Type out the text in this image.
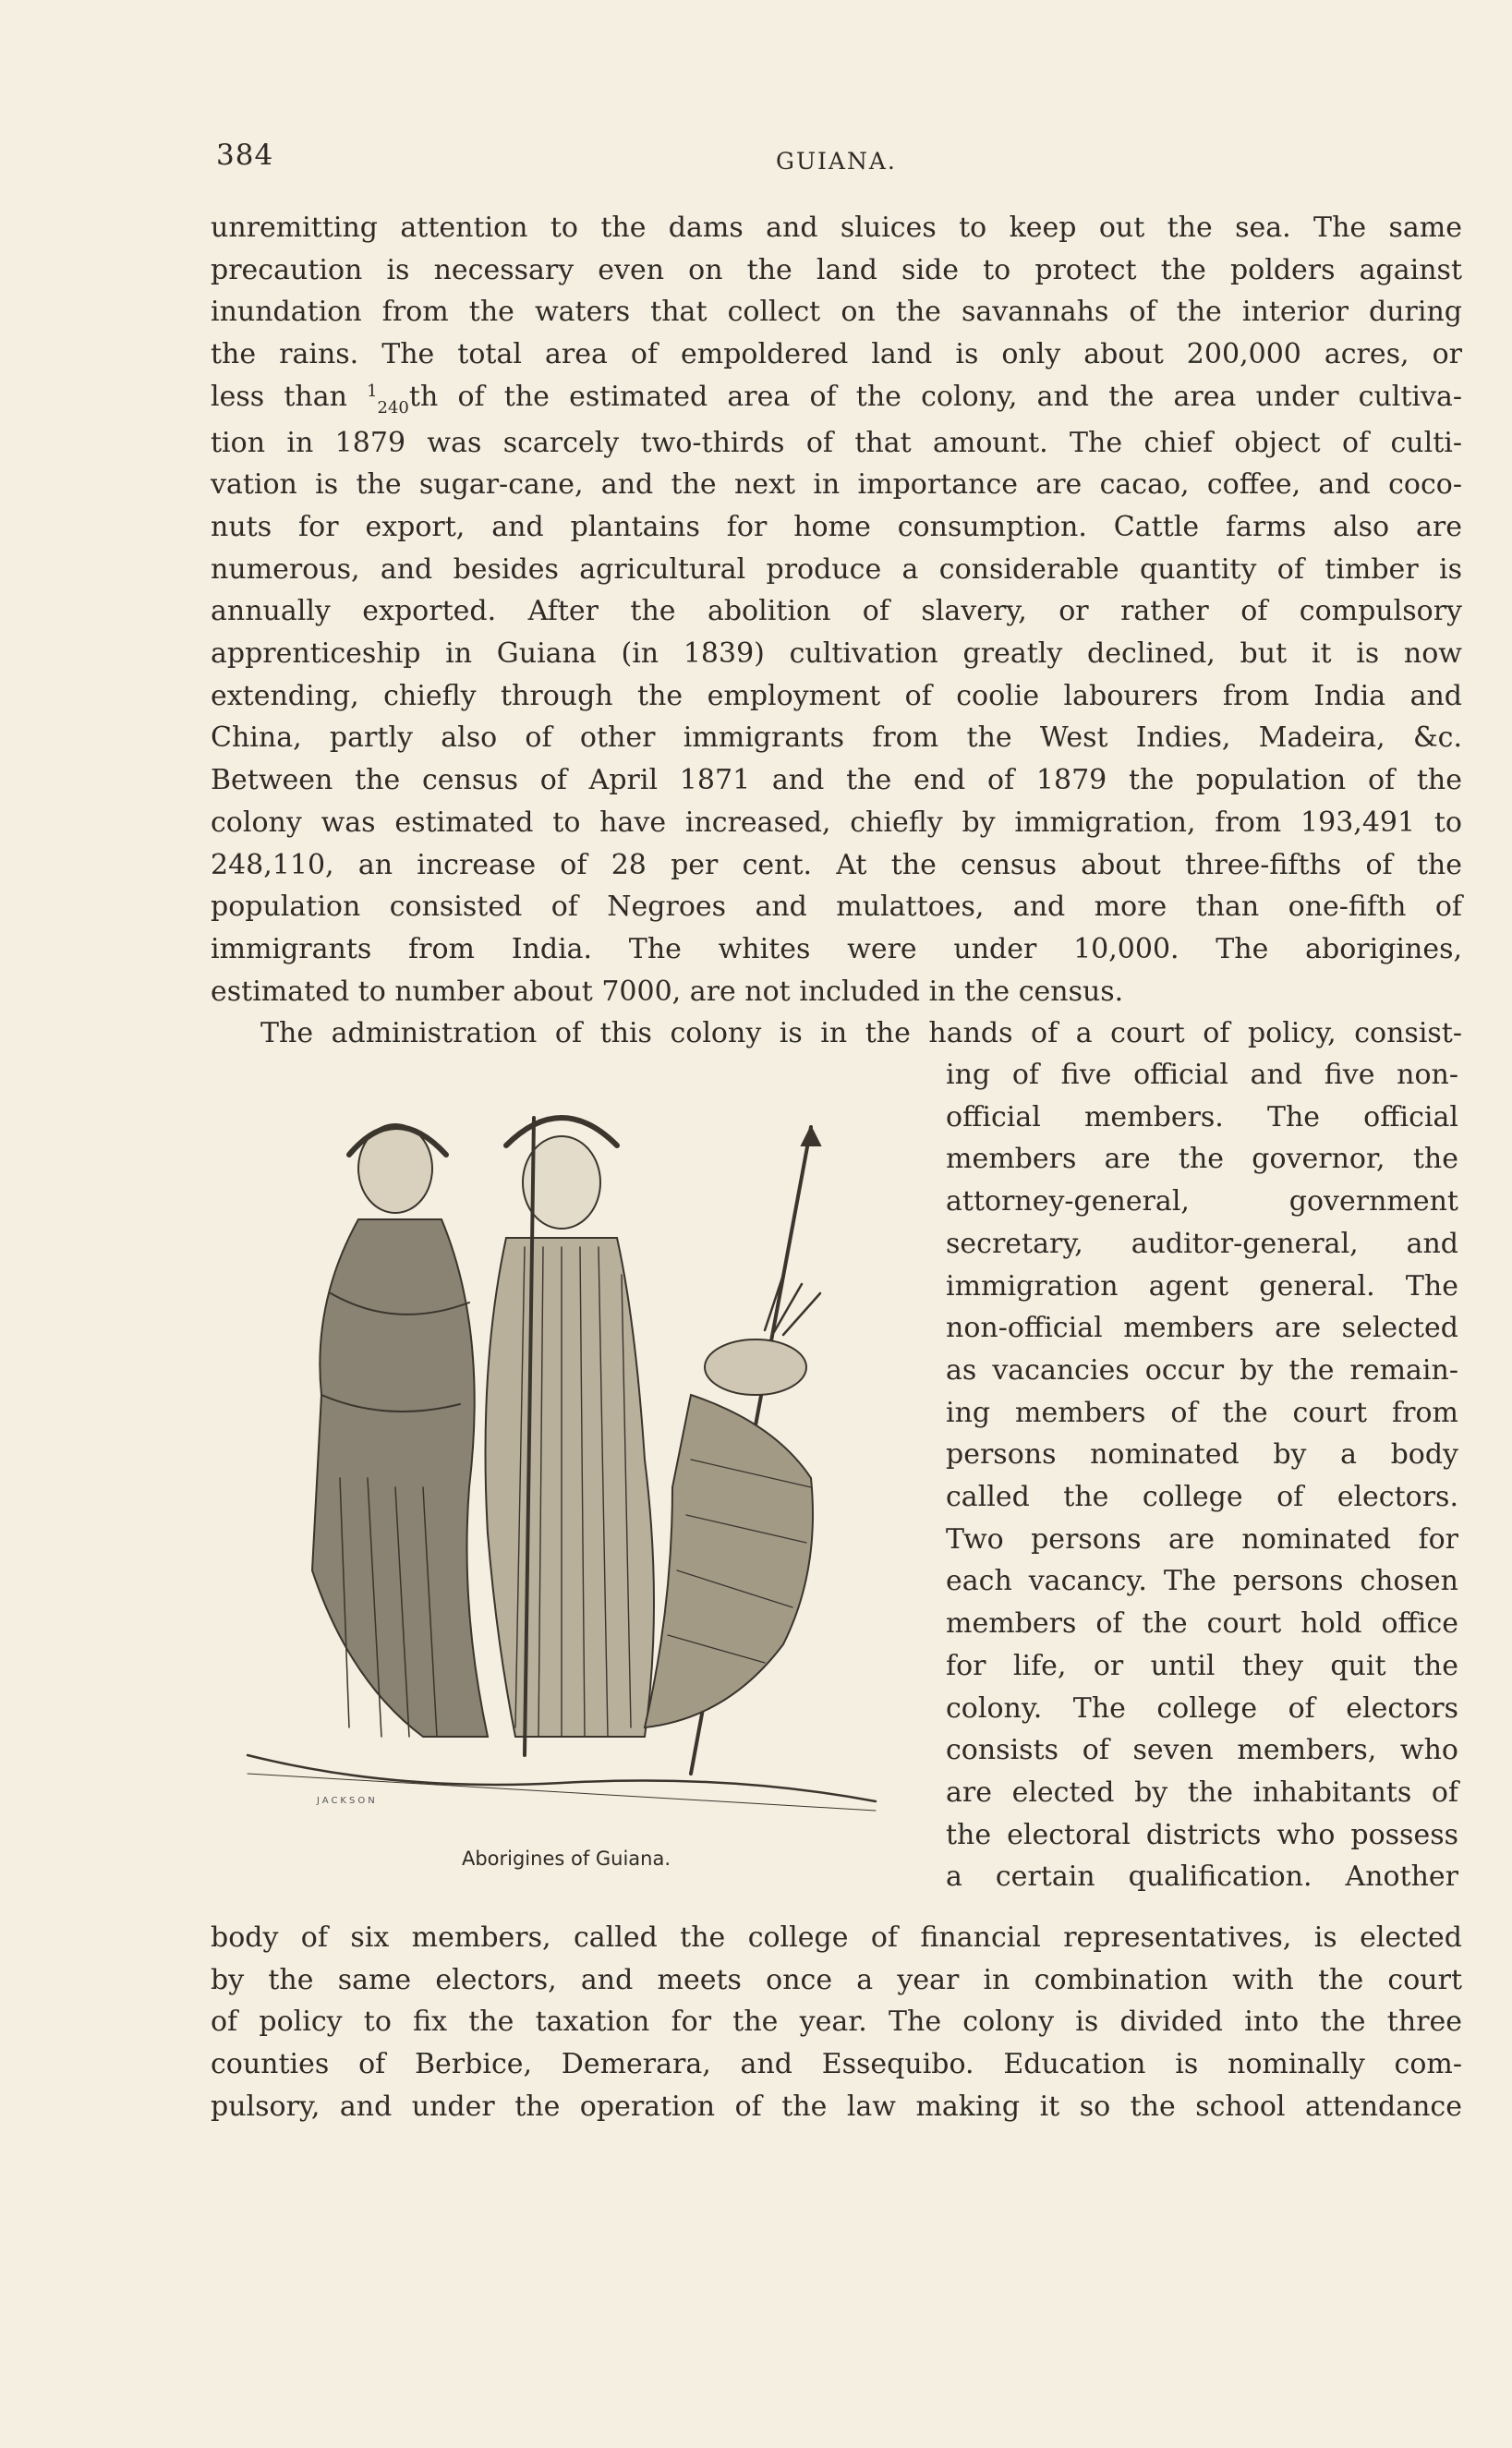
384	GUIANA.
unremitting attention to the dams and sluices to keep out the sea. The same
precaution is necessary even on the land side to protect the polders against
inundation from the waters that collect on the savannahs of the interior during
the rains. The total area of empoldered land is only about 200,000 acres, or
less than 1240th of the estimated area of the colony, and the area under cultiva-
tion in 1879 was scarcely two-thirds of that amount. The chief object of culti-
vation is the sugar-cane, and the next in importance are cacao, coffee, and coco-
nuts for export, and plantains for home consumption. Cattle farms also are
numerous, and besides agricultural produce a considerable quantity of timber is
annually exported. After the abolition of slavery, or rather of compulsory
apprenticeship in Guiana (in 1839) cultivation greatly declined, but it is now
extending, chiefly through the employment of coolie labourers from India and
China, partly also of other immigrants from the West Indies, Madeira, &c.
Between the census of April 1871 and the end of 1879 the population of the
colony was estimated to have increased, chiefly by immigration, from 193,491 to
248,110, an increase of 28 per cent. At the census about three-fifths of the
population consisted of Negroes and mulattoes, and more than one-fifth of
immigrants from India. The whites were under 10,000. The aborigines,
estimated to number about 7000, are not included in the census.
The administration of this colony is in the hands of a court of policy, consist-
JACKSON
Aborigines of Guiana.
ing of five official and five non-
official members. The official
members are the governor, the
attorney-general, government
secretary, auditor-general, and
immigration agent general. The
non-official members are selected
as vacancies occur by the remain-
ing members of the court from
persons nominated by a body
called the college of electors.
Two persons are nominated for
each vacancy. The persons chosen
members of the court hold office
for life, or until they quit the
colony. The college of electors
consists of seven members, who
are elected by the inhabitants of
the electoral districts who possess
a certain qualification. Another
body of six members, called the college of financial representatives, is elected
by the same electors, and meets once a year in combination with the court
of policy to fix the taxation for the year. The colony is divided into the three
counties of Berbice, Demerara, and Essequibo. Education is nominally com-
pulsory, and under the operation of the law making it so the school attendance
